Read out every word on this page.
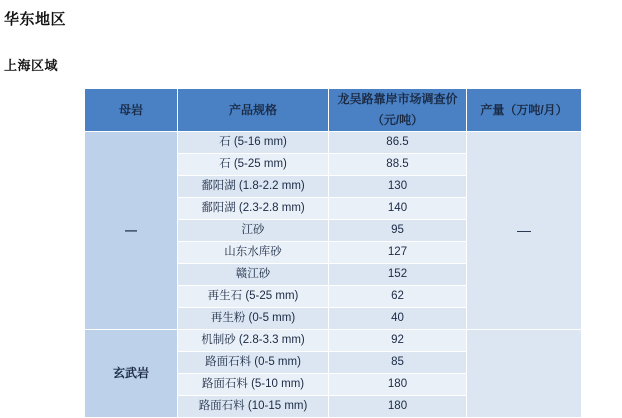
华东地区
上海区域
母岩	产品规格	龙吴路靠岸市场调查价（元/吨）	产量（万吨/月）
—	石 (5-16 mm)	86.5	—
	石 (5-25 mm)	88.5	
	鄱阳湖 (1.8-2.2 mm)	130	
	鄱阳湖 (2.3-2.8 mm)	140	
	江砂	95	
	山东水库砂	127	
	赣江砂	152	
	再生石 (5-25 mm)	62	
	再生粉 (0-5 mm)	40	
玄武岩	机制砂 (2.8-3.3 mm)	92	
	路面石料 (0-5 mm)	85	
	路面石料 (5-10 mm)	180	
	路面石料 (10-15 mm)	180	
